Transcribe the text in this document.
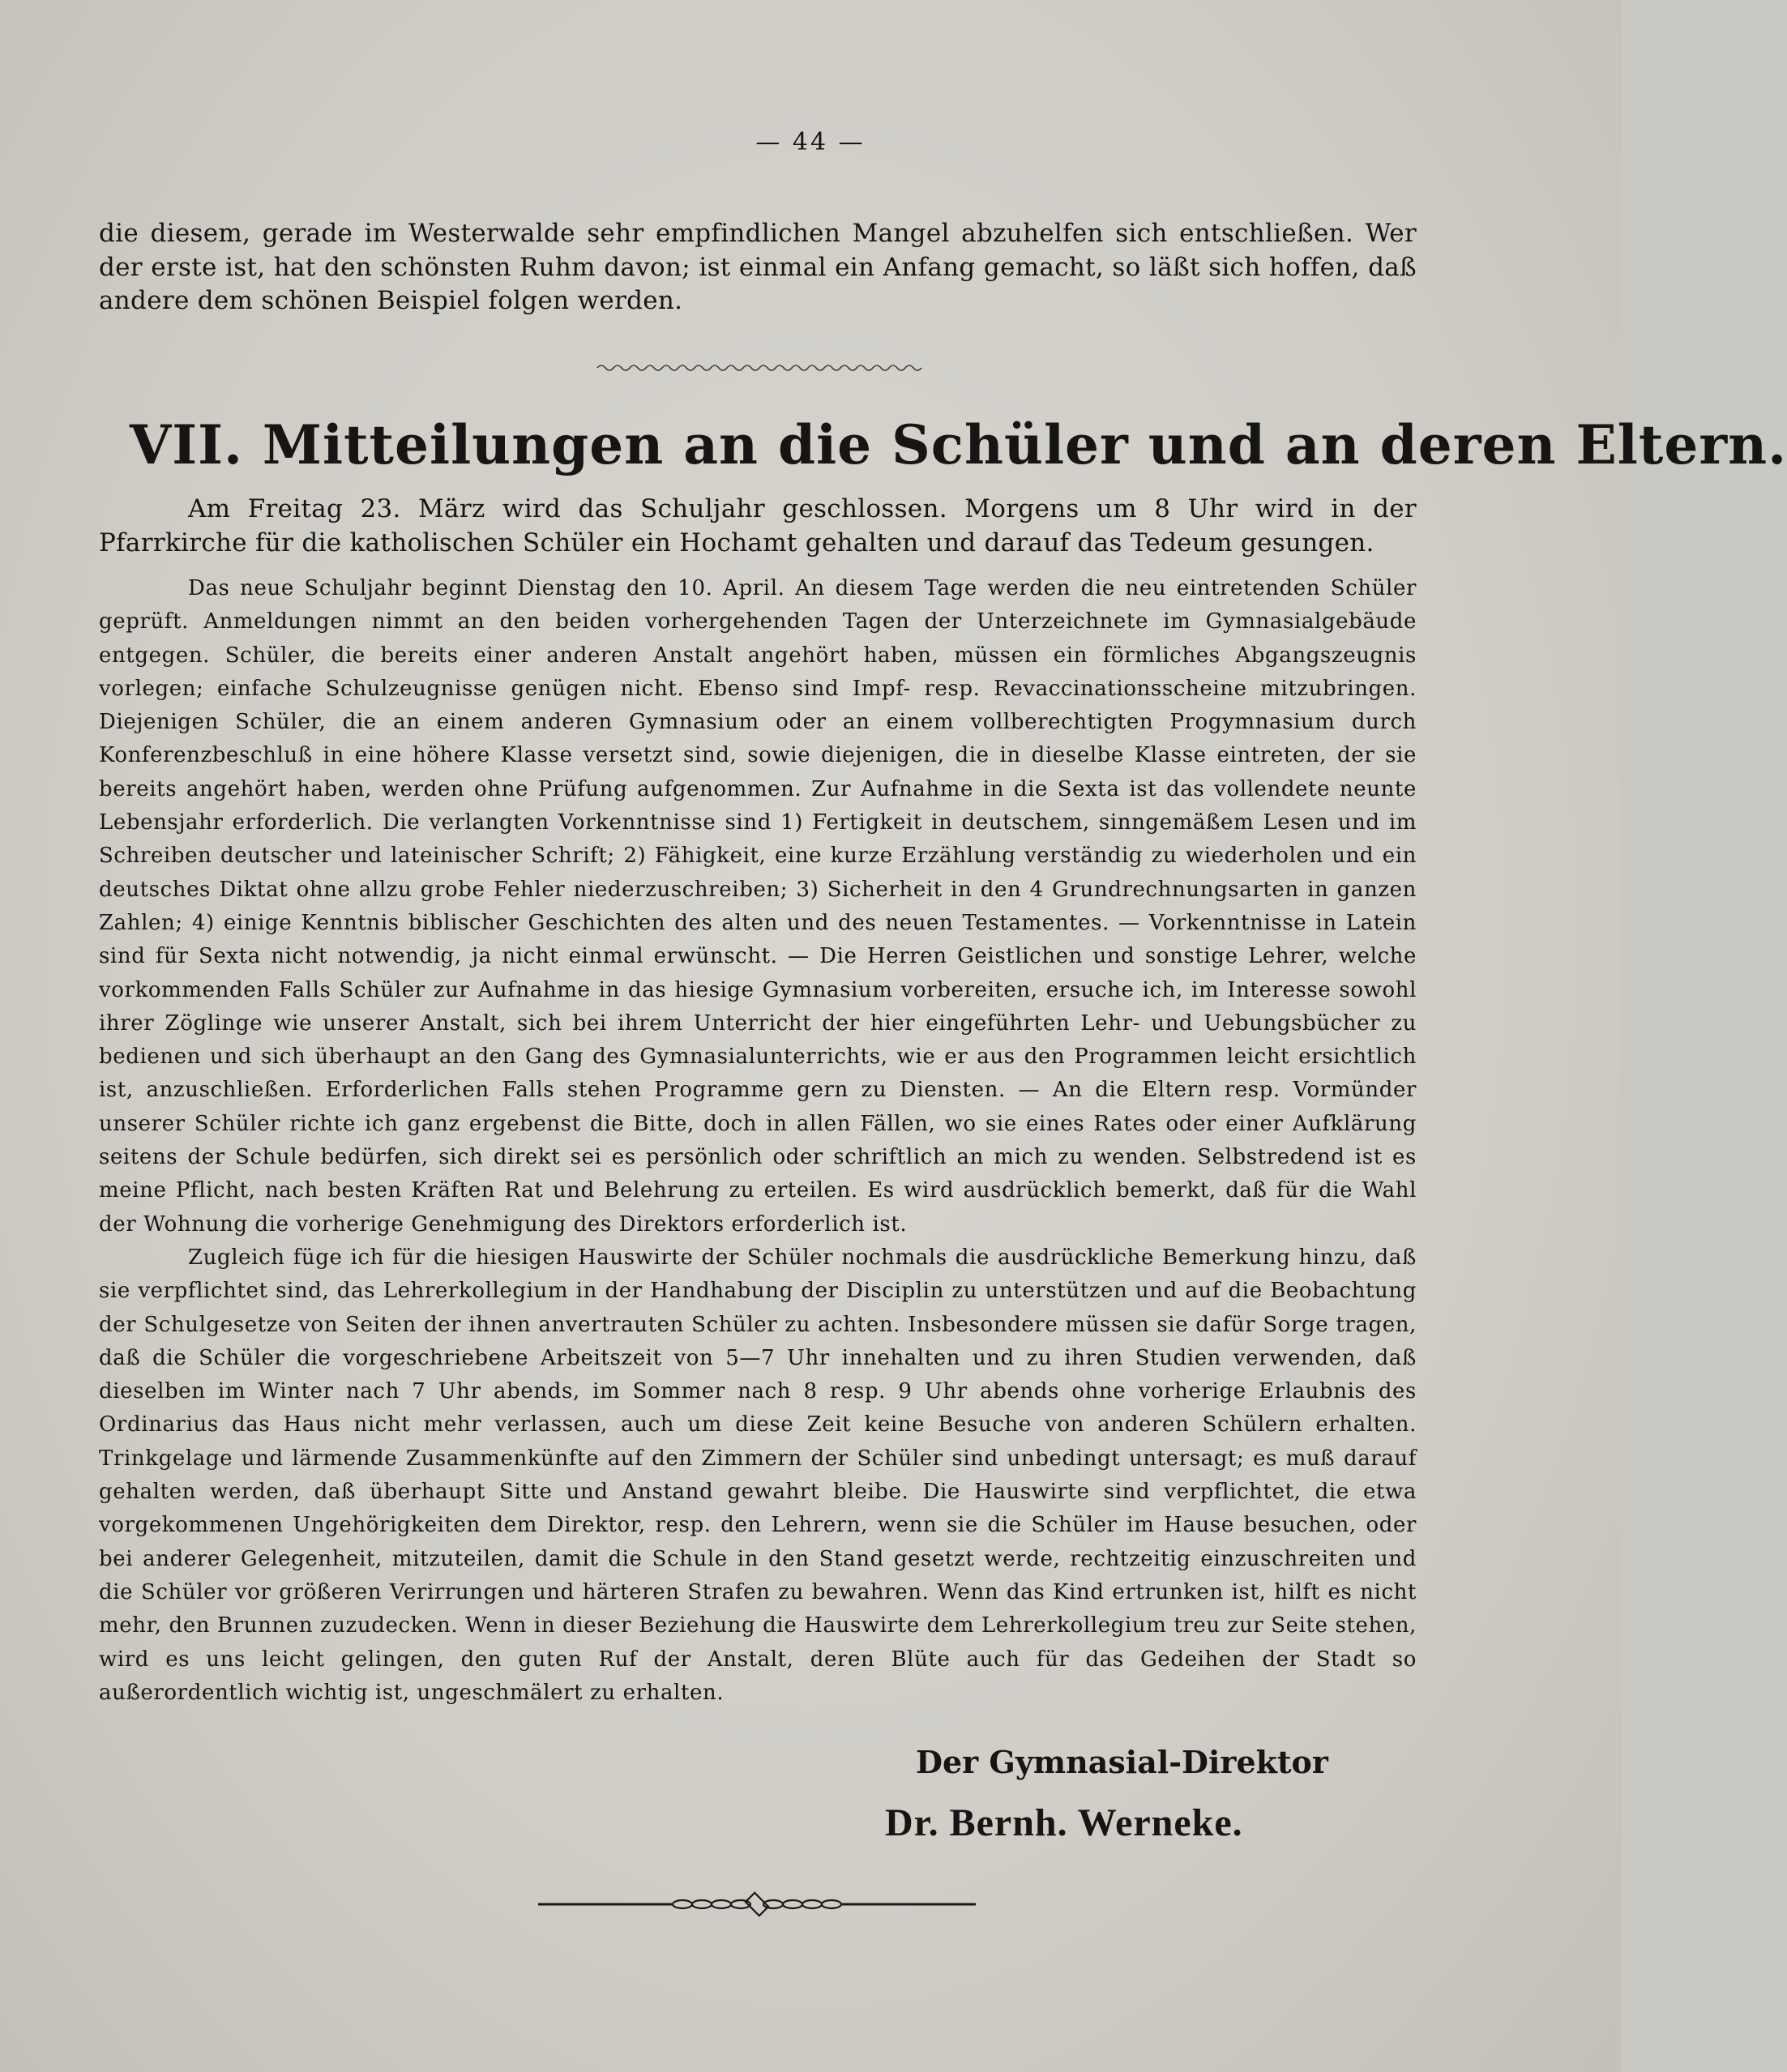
— 44 —
die diesem, gerade im Westerwalde sehr empfindlichen Mangel abzuhelfen sich entschließen. Wer der erste ist, hat den schönsten Ruhm davon; ist einmal ein Anfang gemacht, so läßt sich hoffen, daß andere dem schönen Beispiel folgen werden.
VII. Mitteilungen an die Schüler und an deren Eltern.

Am Freitag 23. März wird das Schuljahr geschlossen. Morgens um 8 Uhr wird in der Pfarrkirche für die katholischen Schüler ein Hochamt gehalten und darauf das Tedeum gesungen.

Das neue Schuljahr beginnt Dienstag den 10. April. An diesem Tage werden die neu eintretenden Schüler geprüft. Anmeldungen nimmt an den beiden vorhergehenden Tagen der Unterzeichnete im Gymnasialgebäude entgegen. Schüler, die bereits einer anderen Anstalt angehört haben, müssen ein förmliches Abgangszeugnis vorlegen; einfache Schulzeugnisse genügen nicht. Ebenso sind Impf- resp. Revaccinationsscheine mitzubringen. Diejenigen Schüler, die an einem anderen Gymnasium oder an einem vollberechtigten Progymnasium durch Konferenzbeschluß in eine höhere Klasse versetzt sind, sowie diejenigen, die in dieselbe Klasse eintreten, der sie bereits angehört haben, werden ohne Prüfung aufgenommen. Zur Aufnahme in die Sexta ist das vollendete neunte Lebensjahr erforderlich. Die verlangten Vorkenntnisse sind 1) Fertigkeit in deutschem, sinngemäßem Lesen und im Schreiben deutscher und lateinischer Schrift; 2) Fähigkeit, eine kurze Erzählung verständig zu wiederholen und ein deutsches Diktat ohne allzu grobe Fehler niederzuschreiben; 3) Sicherheit in den 4 Grundrechnungsarten in ganzen Zahlen; 4) einige Kenntnis biblischer Geschichten des alten und des neuen Testamentes. — Vorkenntnisse in Latein sind für Sexta nicht notwendig, ja nicht einmal erwünscht. — Die Herren Geistlichen und sonstige Lehrer, welche vorkommenden Falls Schüler zur Aufnahme in das hiesige Gymnasium vorbereiten, ersuche ich, im Interesse sowohl ihrer Zöglinge wie unserer Anstalt, sich bei ihrem Unterricht der hier eingeführten Lehr- und Uebungsbücher zu bedienen und sich überhaupt an den Gang des Gymnasialunterrichts, wie er aus den Programmen leicht ersichtlich ist, anzuschließen. Erforderlichen Falls stehen Programme gern zu Diensten. — An die Eltern resp. Vormünder unserer Schüler richte ich ganz ergebenst die Bitte, doch in allen Fällen, wo sie eines Rates oder einer Aufklärung seitens der Schule bedürfen, sich direkt sei es persönlich oder schriftlich an mich zu wenden. Selbstredend ist es meine Pflicht, nach besten Kräften Rat und Belehrung zu erteilen. Es wird ausdrücklich bemerkt, daß für die Wahl der Wohnung die vorherige Genehmigung des Direktors erforderlich ist.

Zugleich füge ich für die hiesigen Hauswirte der Schüler nochmals die ausdrückliche Bemerkung hinzu, daß sie verpflichtet sind, das Lehrerkollegium in der Handhabung der Disciplin zu unterstützen und auf die Beobachtung der Schulgesetze von Seiten der ihnen anvertrauten Schüler zu achten. Insbesondere müssen sie dafür Sorge tragen, daß die Schüler die vorgeschriebene Arbeitszeit von 5—7 Uhr innehalten und zu ihren Studien verwenden, daß dieselben im Winter nach 7 Uhr abends, im Sommer nach 8 resp. 9 Uhr abends ohne vorherige Erlaubnis des Ordinarius das Haus nicht mehr verlassen, auch um diese Zeit keine Besuche von anderen Schülern erhalten. Trinkgelage und lärmende Zusammenkünfte auf den Zimmern der Schüler sind unbedingt untersagt; es muß darauf gehalten werden, daß überhaupt Sitte und Anstand gewahrt bleibe. Die Hauswirte sind verpflichtet, die etwa vorgekommenen Ungehörigkeiten dem Direktor, resp. den Lehrern, wenn sie die Schüler im Hause besuchen, oder bei anderer Gelegenheit, mitzuteilen, damit die Schule in den Stand gesetzt werde, rechtzeitig einzuschreiten und die Schüler vor größeren Verirrungen und härteren Strafen zu bewahren. Wenn das Kind ertrunken ist, hilft es nicht mehr, den Brunnen zuzudecken. Wenn in dieser Beziehung die Hauswirte dem Lehrerkollegium treu zur Seite stehen, wird es uns leicht gelingen, den guten Ruf der Anstalt, deren Blüte auch für das Gedeihen der Stadt so außerordentlich wichtig ist, ungeschmälert zu erhalten.

Der Gymnasial-Direktor
Dr. Bernh. Werneke.
